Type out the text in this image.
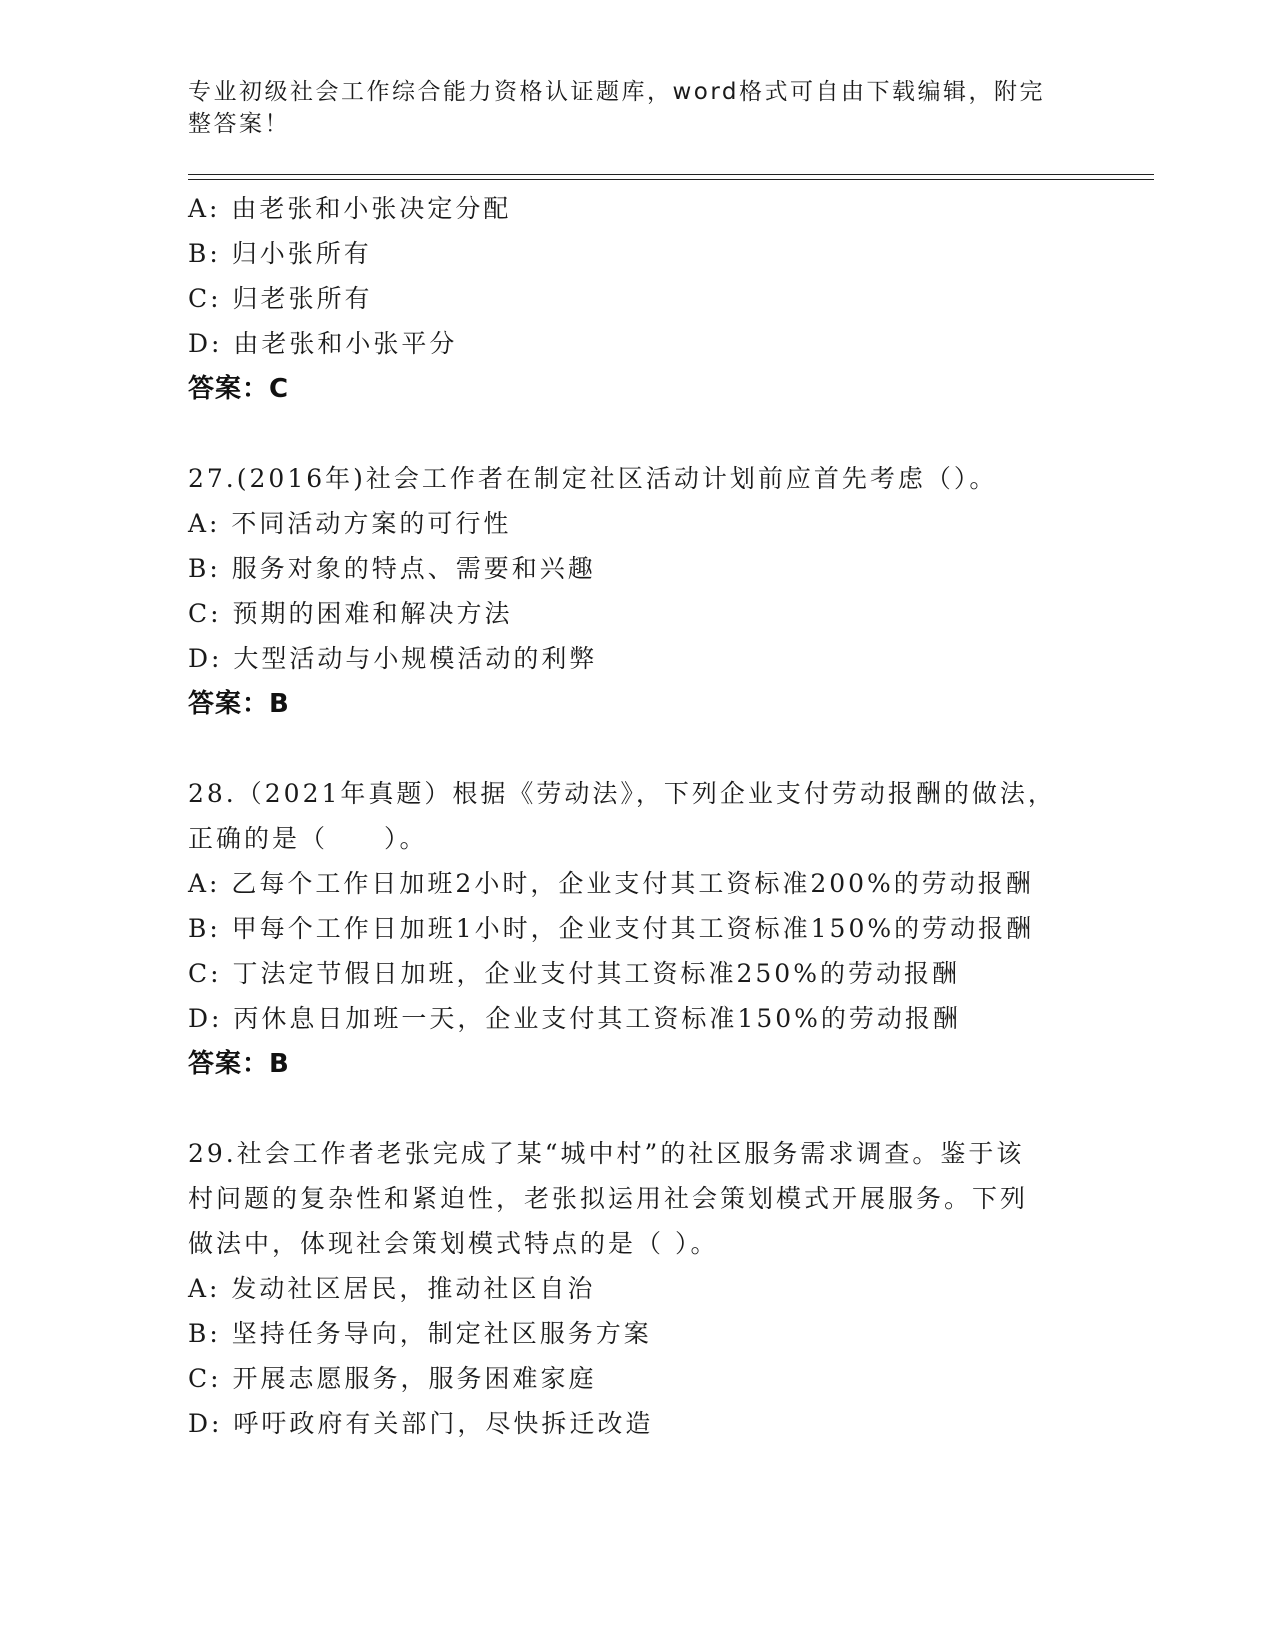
专业初级社会工作综合能力资格认证题库，word格式可自由下载编辑，附完整答案！
A: 由老张和小张决定分配
B: 归小张所有
C: 归老张所有
D: 由老张和小张平分
答案：C
27.(2016年)社会工作者在制定社区活动计划前应首先考虑（）。
A: 不同活动方案的可行性
B: 服务对象的特点、需要和兴趣
C: 预期的困难和解决方法
D: 大型活动与小规模活动的利弊
答案：B
28.（2021年真题）根据《劳动法》，下列企业支付劳动报酬的做法，
正确的是（　　）。
A: 乙每个工作日加班2小时，企业支付其工资标准200%的劳动报酬
B: 甲每个工作日加班1小时，企业支付其工资标准150%的劳动报酬
C: 丁法定节假日加班，企业支付其工资标准250%的劳动报酬
D: 丙休息日加班一天，企业支付其工资标准150%的劳动报酬
答案：B
29.社会工作者老张完成了某“城中村”的社区服务需求调查。鉴于该
村问题的复杂性和紧迫性，老张拟运用社会策划模式开展服务。下列
做法中，体现社会策划模式特点的是（ ）。
A: 发动社区居民，推动社区自治
B: 坚持任务导向，制定社区服务方案
C: 开展志愿服务，服务困难家庭
D: 呼吁政府有关部门，尽快拆迁改造
